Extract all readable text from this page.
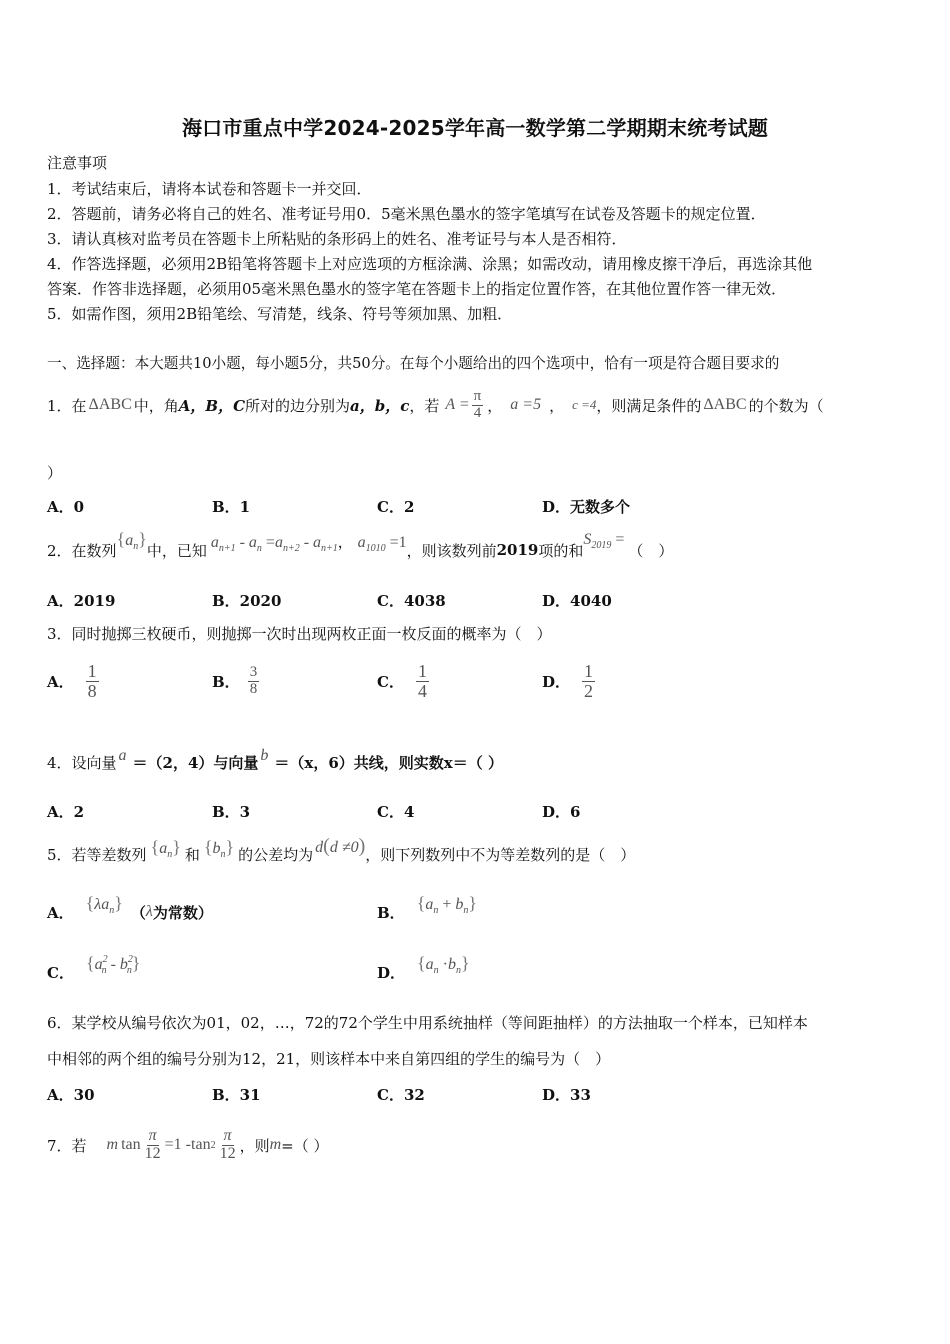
海口市重点中学2024-2025学年高一数学第二学期期末统考试题
注意事项
1．考试结束后，请将本试卷和答题卡一并交回．
2．答题前，请务必将自己的姓名、准考证号用0．5毫米黑色墨水的签字笔填写在试卷及答题卡的规定位置．
3．请认真核对监考员在答题卡上所粘贴的条形码上的姓名、准考证号与本人是否相符．
4．作答选择题，必须用2B铅笔将答题卡上对应选项的方框涂满、涂黑；如需改动，请用橡皮擦干净后，再选涂其他
答案．作答非选择题，必须用05毫米黑色墨水的签字笔在答题卡上的指定位置作答，在其他位置作答一律无效．
5．如需作图，须用2B铅笔绘、写清楚，线条、符号等须加黑、加粗．
一、选择题：本大题共10小题，每小题5分，共50分。在每个小题给出的四个选项中，恰有一项是符合题目要求的
1．在 ΔABC 中，角 A，B，C 所对的边分别为 a，b，c ，若 $A = \frac{\pi}{4}$ ， a =5 ， c =4 ，则满足条件的 ΔABC 的个数为（
）
A．0	B．1	C．2	D．无数多个
2．在数列
$\{a_n\}$
中，已知 $a_{n+1} - a_n =a_{n+2} - a_{n+1}$， $a_{1010} =1$ ，则该数列前 2019 项的和
$S_{2019}$ =
（　）
A．2019	B．2020	C．4038	D．4040
3．同时抛掷三枚硬币，则抛掷一次时出现两枚正面一枚反面的概率为（　）
A． $\frac{1}{8}$	B． $\frac{3}{8}$	C． $\frac{1}{4}$	D． $\frac{1}{2}$
4．设向量 a ＝（2，4）与向量 b ＝（x，6）共线，则实数x＝（ ）
A．2	B．3	C．4	D．6
5．若等差数列 $\{a_n\}$ 和 $\{b_n\}$ 的公差均为 d(d ≠0) ，则下列数列中不为等差数列的是（　）
A． $\{\lambda a_n\}$ （ λ 为常数）	B． $\{a_n + b_n\}$
C． $\{a^2_n - b^2_n\}$	D． $\{a_n \cdot b_n\}$
6．某学校从编号依次为01，02，…，72的72个学生中用系统抽样（等间距抽样）的方法抽取一个样本，已知样本
中相邻的两个组的编号分别为12，21，则该样本中来自第四组的学生的编号为（　）
A．30	B．31	C．32	D．33
7．若 m $\tan \frac{\pi}{12} =1 - \tan 2 \frac{\pi}{12}$ ，则 m =（ ）
